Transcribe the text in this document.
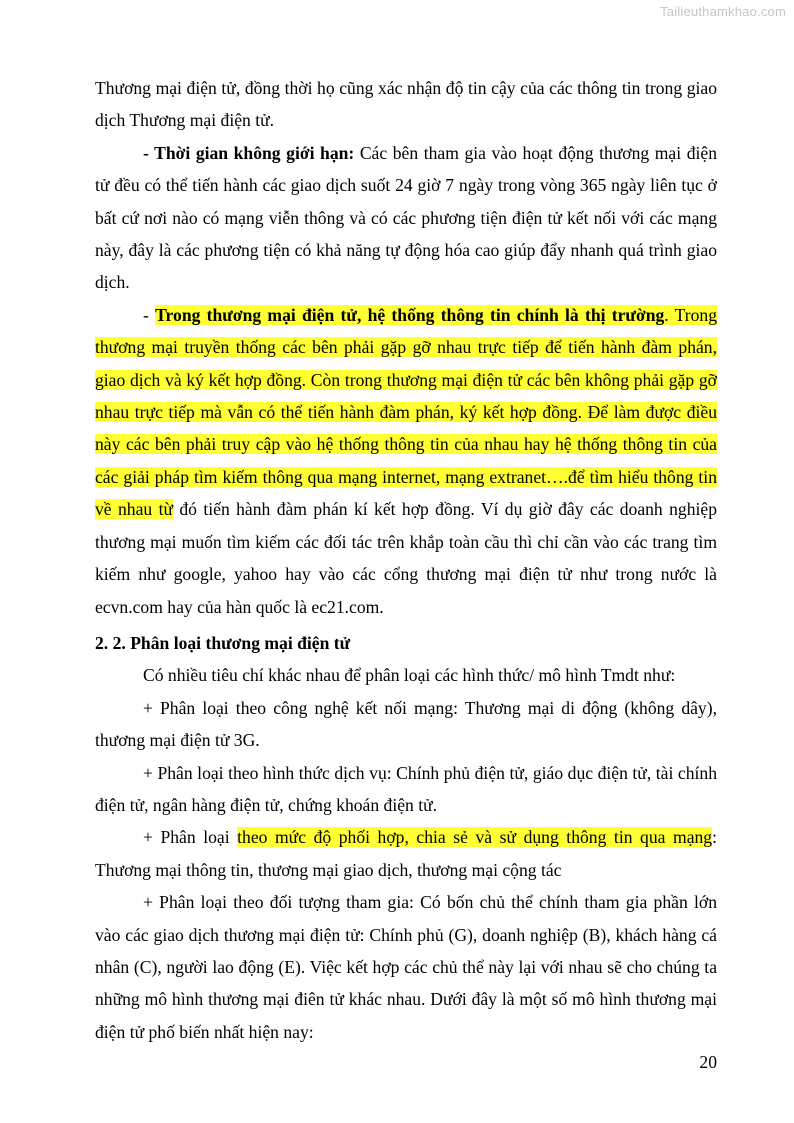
Tailieuthamkhao.com

Thương mại điện tử, đồng thời họ cũng xác nhận độ tin cậy của các thông tin trong giao dịch Thương mại điện tử.

- Thời gian không giới hạn: Các bên tham gia vào hoạt động thương mại điện tử đều có thể tiến hành các giao dịch suốt 24 giờ 7 ngày trong vòng 365 ngày liên tục ở bất cứ nơi nào có mạng viễn thông và có các phương tiện điện tử kết nối với các mạng này, đây là các phương tiện có khả năng tự động hóa cao giúp đẩy nhanh quá trình giao dịch.

- Trong thương mại điện tử, hệ thống thông tin chính là thị trường. Trong thương mại truyền thống các bên phải gặp gỡ nhau trực tiếp để tiến hành đàm phán, giao dịch và ký kết hợp đồng. Còn trong thương mại điện tử các bên không phải gặp gỡ nhau trực tiếp mà vẫn có thể tiến hành đàm phán, ký kết hợp đồng. Để làm được điều này các bên phải truy cập vào hệ thống thông tin của nhau hay hệ thống thông tin của các giải pháp tìm kiếm thông qua mạng internet, mạng extranet….để tìm hiểu thông tin về nhau từ đó tiến hành đàm phán kí kết hợp đồng. Ví dụ giờ đây các doanh nghiệp thương mại muốn tìm kiếm các đối tác trên khắp toàn cầu thì chỉ cần vào các trang tìm kiếm như google, yahoo hay vào các cổng thương mại điện tử như trong nước là ecvn.com hay của hàn quốc là ec21.com.

2. 2. Phân loại thương mại điện tử

Có nhiều tiêu chí khác nhau để phân loại các hình thức/ mô hình Tmdt như:

+ Phân loại theo công nghệ kết nối mạng: Thương mại di động (không dây), thương mại điện tử 3G.

+ Phân loại theo hình thức dịch vụ: Chính phủ điện tử, giáo dục điện tử, tài chính điện tử, ngân hàng điện tử, chứng khoán điện tử.

+ Phân loại theo mức độ phối hợp, chia sẻ và sử dụng thông tin qua mạng: Thương mại thông tin, thương mại giao dịch, thương mại cộng tác

+ Phân loại theo đối tượng tham gia: Có bốn chủ thể chính tham gia phần lớn vào các giao dịch thương mại điện tử: Chính phủ (G), doanh nghiệp (B), khách hàng cá nhân (C), người lao động (E). Việc kết hợp các chủ thể này lại với nhau sẽ cho chúng ta những mô hình thương mại điên tử khác nhau. Dưới đây là một số mô hình thương mại điện tử phố biến nhất hiện nay:

20
